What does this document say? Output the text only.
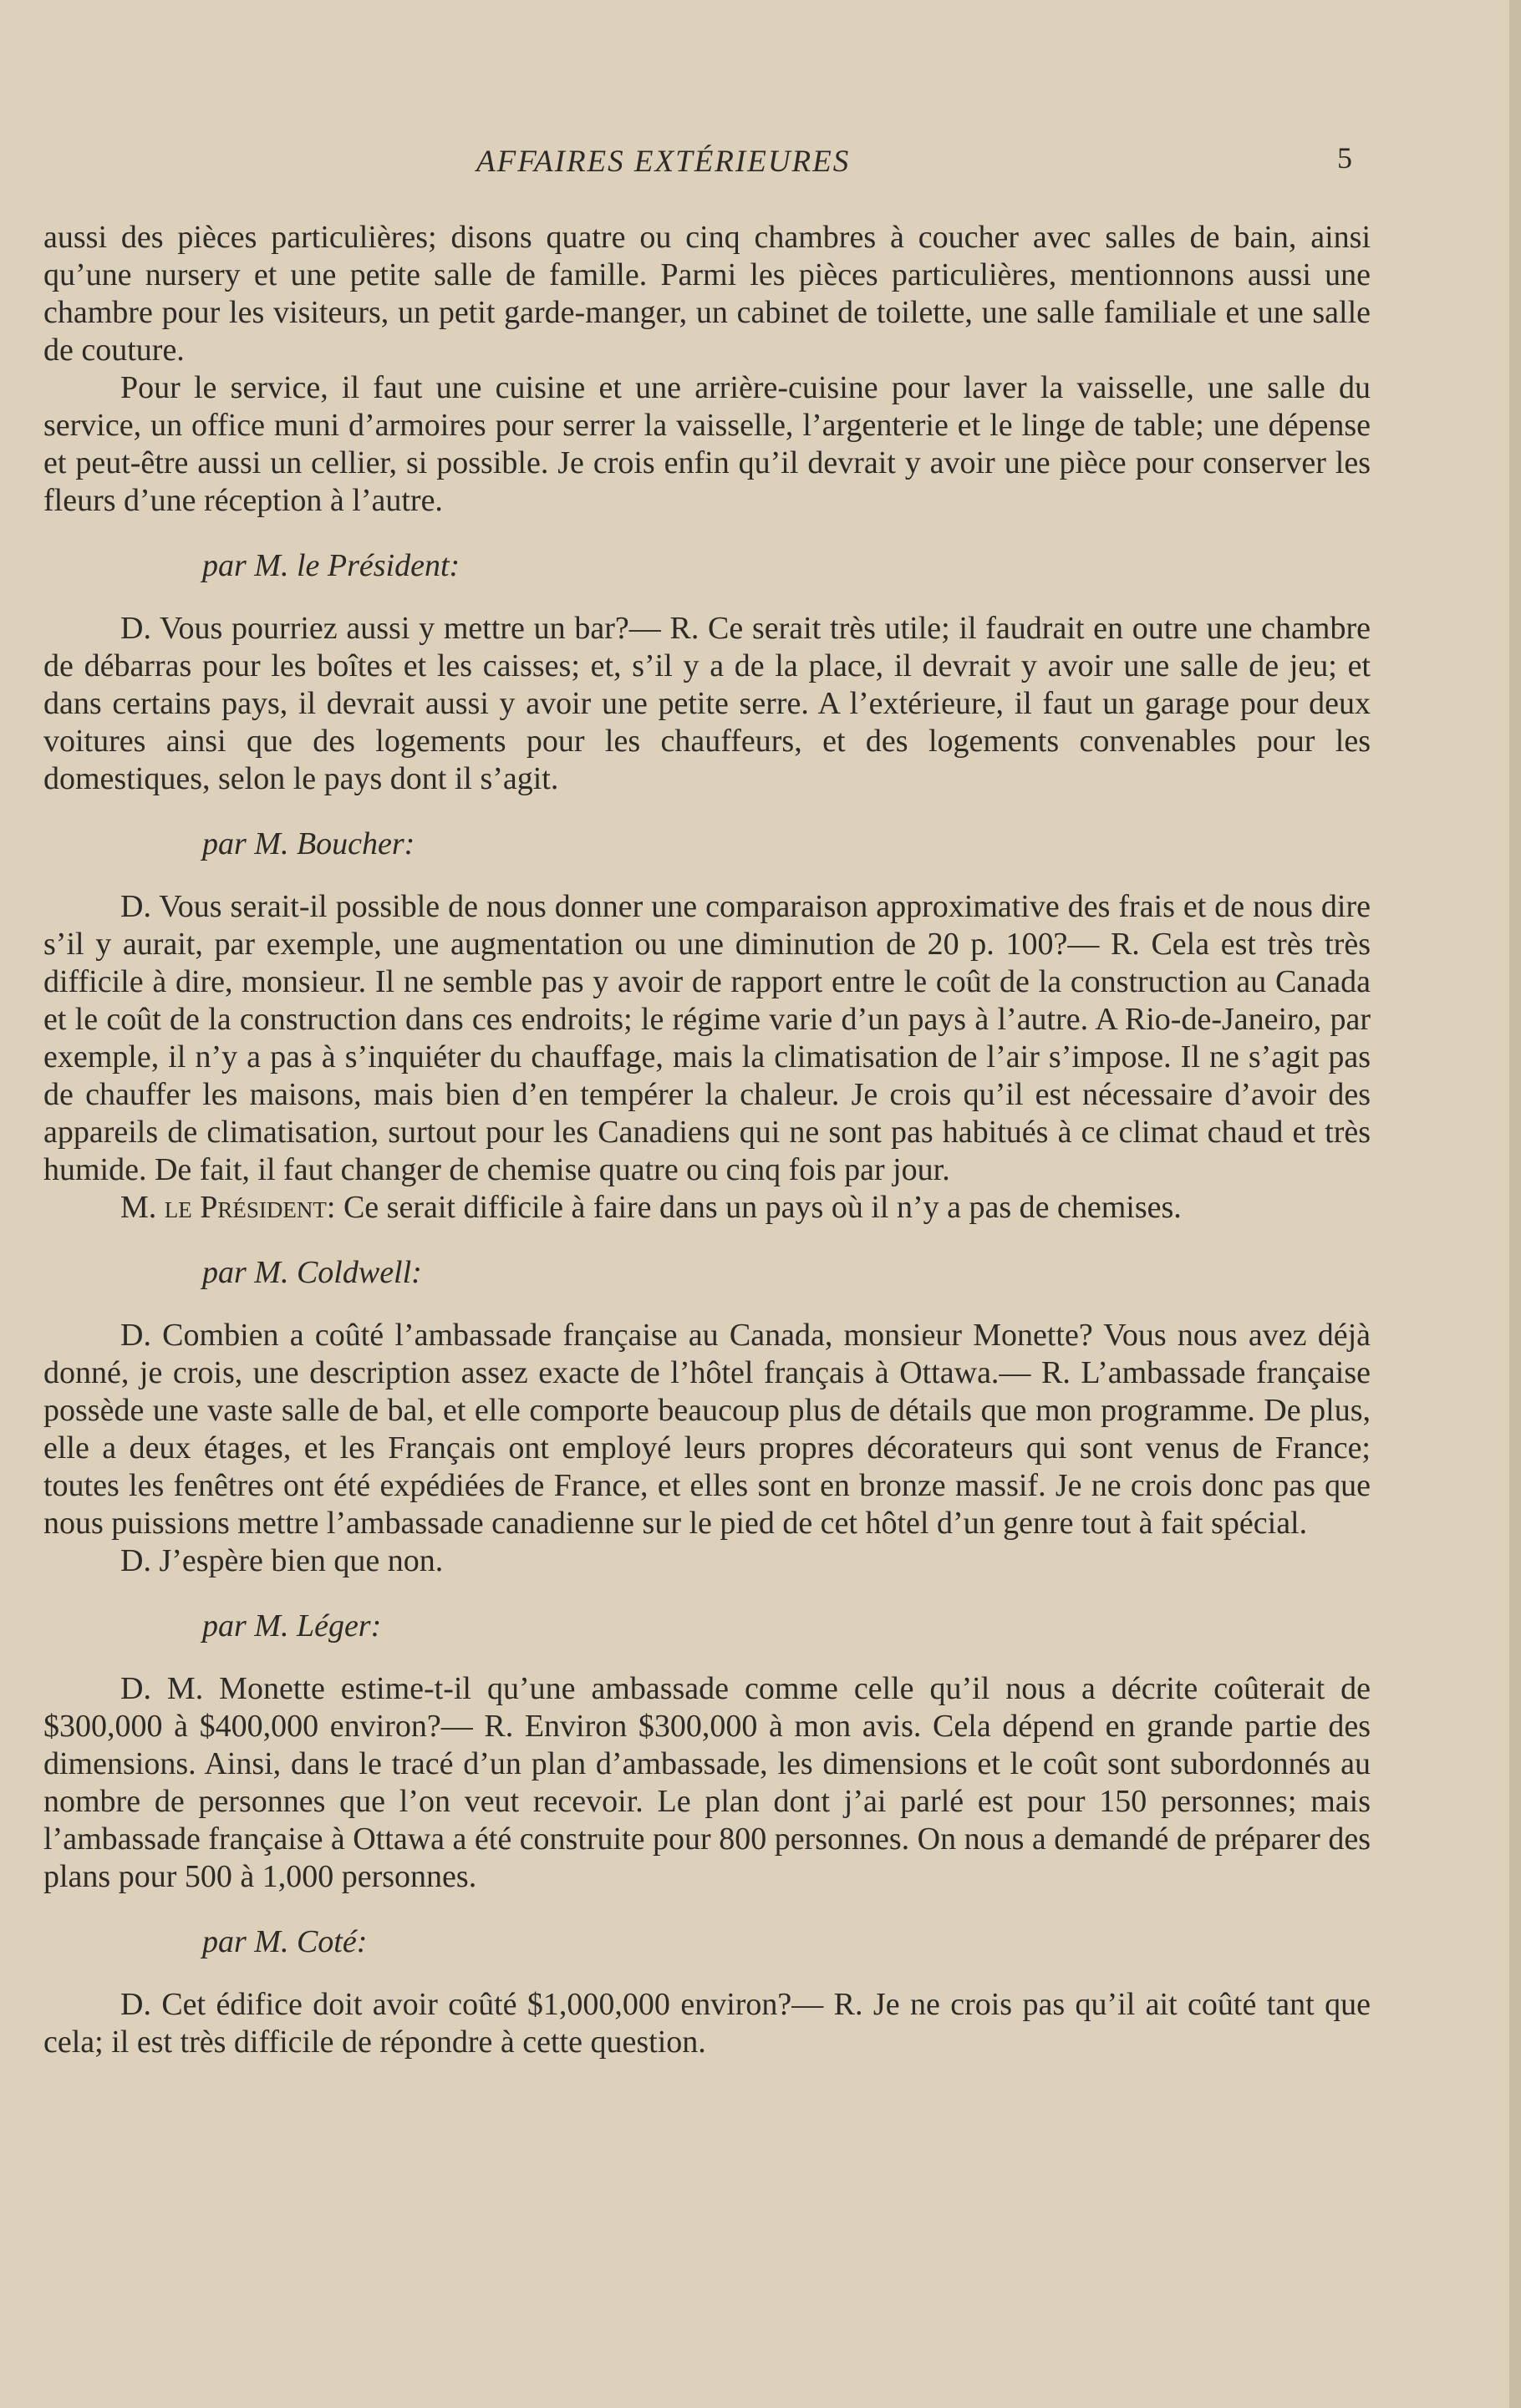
AFFAIRES EXTÉRIEURES	5

aussi des pièces particulières; disons quatre ou cinq chambres à coucher avec salles de bain, ainsi qu’une nursery et une petite salle de famille. Parmi les pièces particulières, mentionnons aussi une chambre pour les visiteurs, un petit garde-manger, un cabinet de toilette, une salle familiale et une salle de couture.

Pour le service, il faut une cuisine et une arrière-cuisine pour laver la vaisselle, une salle du service, un office muni d’armoires pour serrer la vaisselle, l’argenterie et le linge de table; une dépense et peut-être aussi un cellier, si possible. Je crois enfin qu’il devrait y avoir une pièce pour conserver les fleurs d’une réception à l’autre.

par M. le Président:

D. Vous pourriez aussi y mettre un bar?— R. Ce serait très utile; il faudrait en outre une chambre de débarras pour les boîtes et les caisses; et, s’il y a de la place, il devrait y avoir une salle de jeu; et dans certains pays, il devrait aussi y avoir une petite serre. A l’extérieure, il faut un garage pour deux voitures ainsi que des logements pour les chauffeurs, et des logements convenables pour les domestiques, selon le pays dont il s’agit.

par M. Boucher:

D. Vous serait-il possible de nous donner une comparaison approximative des frais et de nous dire s’il y aurait, par exemple, une augmentation ou une diminution de 20 p. 100?— R. Cela est très très difficile à dire, monsieur. Il ne semble pas y avoir de rapport entre le coût de la construction au Canada et le coût de la construction dans ces endroits; le régime varie d’un pays à l’autre. A Rio-de-Janeiro, par exemple, il n’y a pas à s’inquiéter du chauffage, mais la climatisation de l’air s’impose. Il ne s’agit pas de chauffer les maisons, mais bien d’en tempérer la chaleur. Je crois qu’il est nécessaire d’avoir des appareils de climatisation, surtout pour les Canadiens qui ne sont pas habitués à ce climat chaud et très humide. De fait, il faut changer de chemise quatre ou cinq fois par jour.

M. le Président: Ce serait difficile à faire dans un pays où il n’y a pas de chemises.

par M. Coldwell:

D. Combien a coûté l’ambassade française au Canada, monsieur Monette? Vous nous avez déjà donné, je crois, une description assez exacte de l’hôtel français à Ottawa.— R. L’ambassade française possède une vaste salle de bal, et elle comporte beaucoup plus de détails que mon programme. De plus, elle a deux étages, et les Français ont employé leurs propres décorateurs qui sont venus de France; toutes les fenêtres ont été expédiées de France, et elles sont en bronze massif. Je ne crois donc pas que nous puissions mettre l’ambassade canadienne sur le pied de cet hôtel d’un genre tout à fait spécial.

D. J’espère bien que non.

par M. Léger:

D. M. Monette estime-t-il qu’une ambassade comme celle qu’il nous a décrite coûterait de $300,000 à $400,000 environ?— R. Environ $300,000 à mon avis. Cela dépend en grande partie des dimensions. Ainsi, dans le tracé d’un plan d’ambassade, les dimensions et le coût sont subordonnés au nombre de personnes que l’on veut recevoir. Le plan dont j’ai parlé est pour 150 personnes; mais l’ambassade française à Ottawa a été construite pour 800 personnes. On nous a demandé de préparer des plans pour 500 à 1,000 personnes.

par M. Coté:

D. Cet édifice doit avoir coûté $1,000,000 environ?— R. Je ne crois pas qu’il ait coûté tant que cela; il est très difficile de répondre à cette question.
